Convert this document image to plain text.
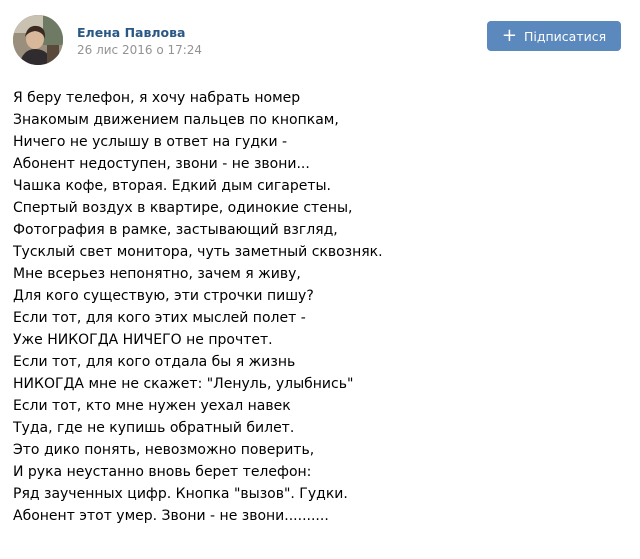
Елена Павлова
26 лис 2016 о 17:24
+ Підписатися
Я беру телефон, я хочу набрать номер
Знакомым движением пальцев по кнопкам,
Ничего не услышу в ответ на гудки -
Абонент недоступен, звони - не звони...
Чашка кофе, вторая. Едкий дым сигареты.
Спертый воздух в квартире, одинокие стены,
Фотография в рамке, застывающий взгляд,
Тусклый свет монитора, чуть заметный сквозняк.
Мне всерьез непонятно, зачем я живу,
Для кого существую, эти строчки пишу?
Если тот, для кого этих мыслей полет -
Уже НИКОГДА НИЧЕГО не прочтет.
Если тот, для кого отдала бы я жизнь
НИКОГДА мне не скажет: "Ленуль, улыбнись"
Если тот, кто мне нужен уехал навек
Туда, где не купишь обратный билет.
Это дико понять, невозможно поверить,
И рука неустанно вновь берет телефон:
Ряд заученных цифр. Кнопка "вызов". Гудки.
Абонент этот умер. Звони - не звони..........
